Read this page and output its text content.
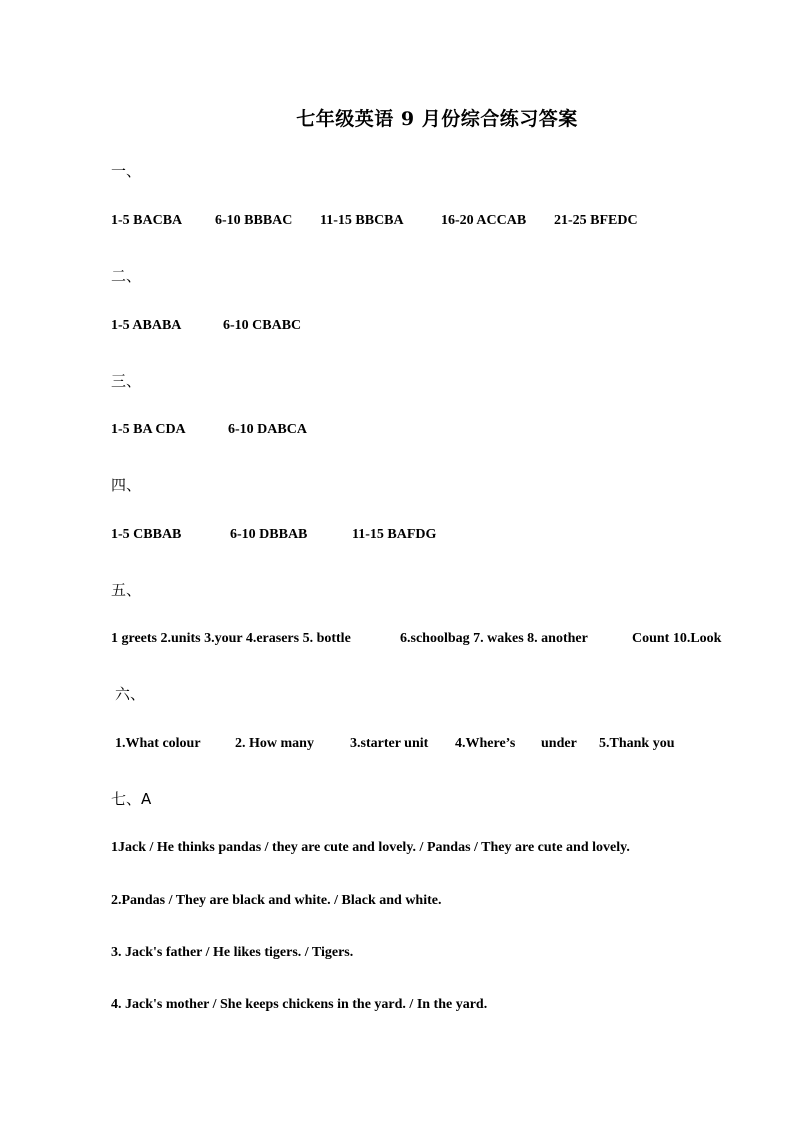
七年级英语 9 月份综合练习答案
一、
1-5 BACBA 6-10 BBBAC 11-15 BBCBA	16-20 ACCAB 21-25 BFEDC
二、
1-5 ABABA	6-10 CBABC
三、
1-5 BA CDA	6-10 DABCA
四、
1-5 CBBAB	6-10 DBBAB	11-15 BAFDG
五、
1 greets 2.units 3.your 4.erasers 5. bottle	6.schoolbag 7. wakes 8. another	Count 10.Look
六、
1.What colour 2. How many	3.starter unit 4.Where’s under 5.Thank you
七、A
1Jack / He thinks pandas / they are cute and lovely. / Pandas / They are cute and lovely.
2.Pandas / They are black and white. / Black and white.
3. Jack's father / He likes tigers. / Tigers.
4. Jack's mother / She keeps chickens in the yard. / In the yard.
